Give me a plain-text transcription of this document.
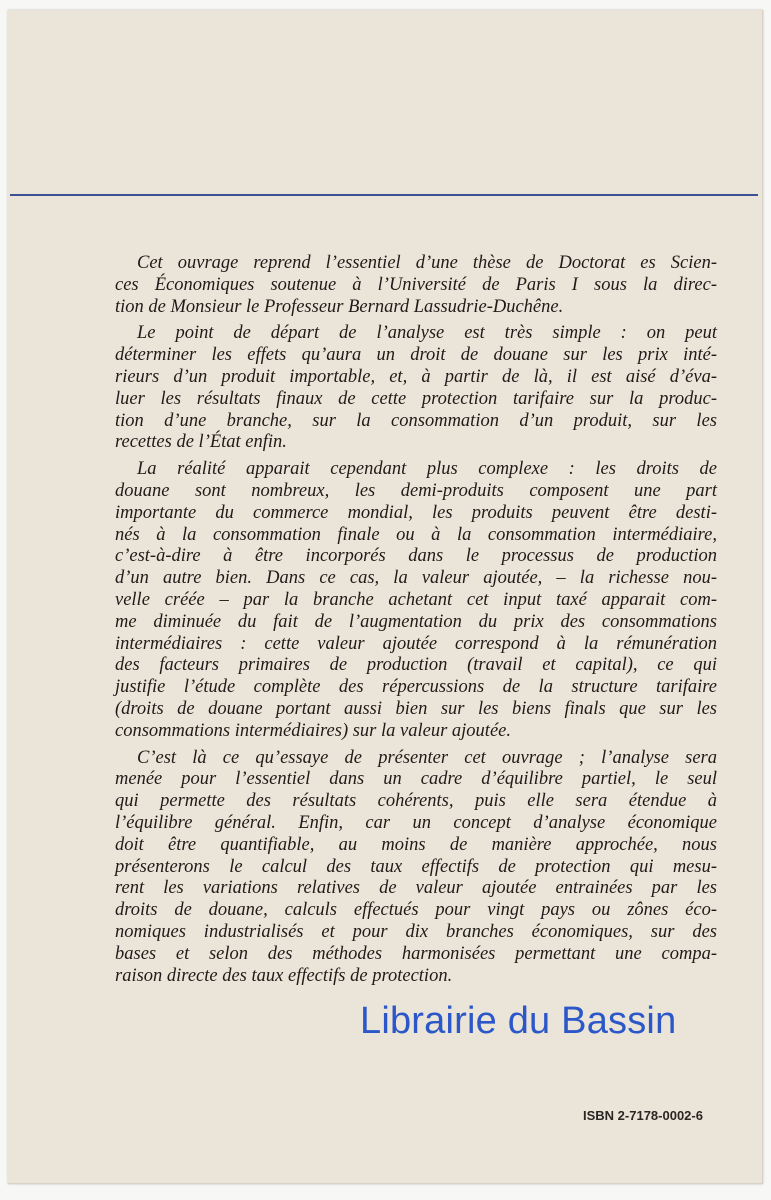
Cet ouvrage reprend l’essentiel d’une thèse de Doctorat es Scien-
ces Économiques soutenue à l’Université de Paris I sous la direc-
tion de Monsieur le Professeur Bernard Lassudrie-Duchêne.
Le point de départ de l’analyse est très simple : on peut
déterminer les effets qu’aura un droit de douane sur les prix inté-
rieurs d’un produit importable, et, à partir de là, il est aisé d’éva-
luer les résultats finaux de cette protection tarifaire sur la produc-
tion d’une branche, sur la consommation d’un produit, sur les
recettes de l’État enfin.
La réalité apparait cependant plus complexe : les droits de
douane sont nombreux, les demi-produits composent une part
importante du commerce mondial, les produits peuvent être desti-
nés à la consommation finale ou à la consommation intermédiaire,
c’est-à-dire à être incorporés dans le processus de production
d’un autre bien. Dans ce cas, la valeur ajoutée, – la richesse nou-
velle créée – par la branche achetant cet input taxé apparait com-
me diminuée du fait de l’augmentation du prix des consommations
intermédiaires : cette valeur ajoutée correspond à la rémunération
des facteurs primaires de production (travail et capital), ce qui
justifie l’étude complète des répercussions de la structure tarifaire
(droits de douane portant aussi bien sur les biens finals que sur les
consommations intermédiaires) sur la valeur ajoutée.
C’est là ce qu’essaye de présenter cet ouvrage ; l’analyse sera
menée pour l’essentiel dans un cadre d’équilibre partiel, le seul
qui permette des résultats cohérents, puis elle sera étendue à
l’équilibre général. Enfin, car un concept d’analyse économique
doit être quantifiable, au moins de manière approchée, nous
présenterons le calcul des taux effectifs de protection qui mesu-
rent les variations relatives de valeur ajoutée entrainées par les
droits de douane, calculs effectués pour vingt pays ou zônes éco-
nomiques industrialisés et pour dix branches économiques, sur des
bases et selon des méthodes harmonisées permettant une compa-
raison directe des taux effectifs de protection.
Librairie du Bassin
ISBN 2-7178-0002-6
